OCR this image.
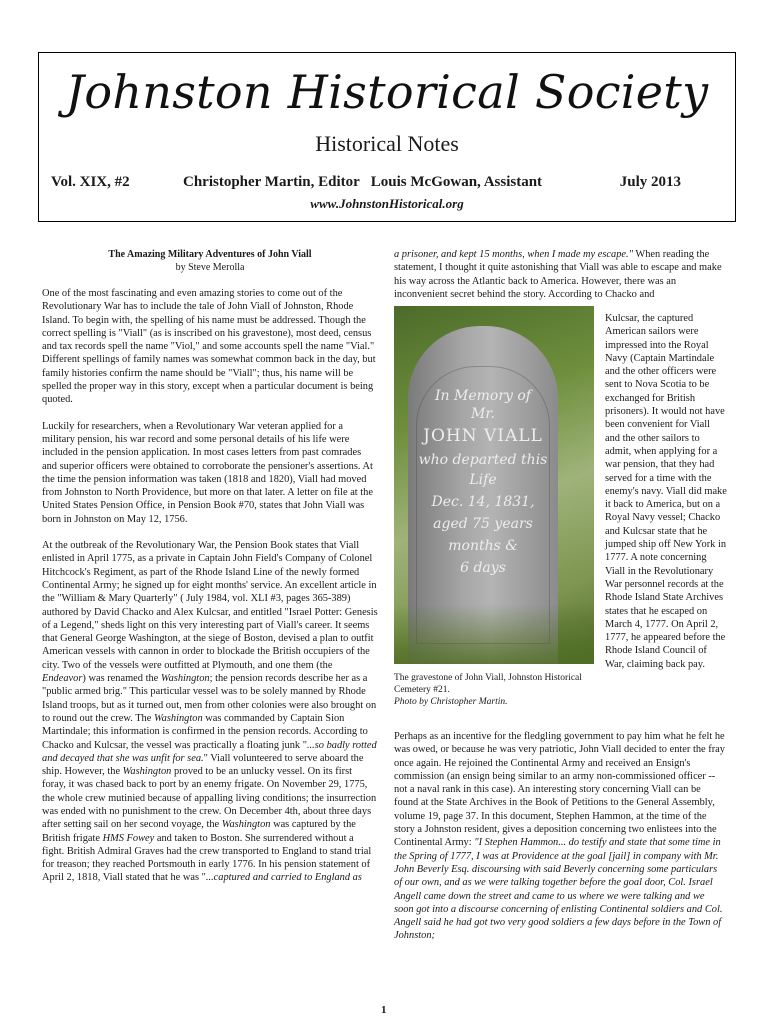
Johnston Historical Society
Historical Notes
Vol. XIX, #2	Christopher Martin, Editor   Louis McGowan, Assistant	July 2013
www.JohnstonHistorical.org
The Amazing Military Adventures of John Viall
by Steve Merolla

One of the most fascinating and even amazing stories to come out of the Revolutionary War has to include the tale of John Viall of Johnston, Rhode Island. To begin with, the spelling of his name must be addressed. Though the correct spelling is "Viall" (as is inscribed on his gravestone), most deed, census and tax records spell the name "Viol," and some accounts spell the name "Vial." Different spellings of family names was somewhat common back in the day, but family histories confirm the name should be "Viall"; thus, his name will be spelled the proper way in this story, except when a particular document is being quoted.

Luckily for researchers, when a Revolutionary War veteran applied for a military pension, his war record and some personal details of his life were included in the pension application. In most cases letters from past comrades and superior officers were obtained to corroborate the pensioner's assertions. At the time the pension information was taken (1818 and 1820), Viall had moved from Johnston to North Providence, but more on that later. A letter on file at the United States Pension Office, in Pension Book #70, states that John Viall was born in Johnston on May 12, 1756.

At the outbreak of the Revolutionary War, the Pension Book states that Viall enlisted in April 1775, as a private in Captain John Field's Company of Colonel Hitchcock's Regiment, as part of the Rhode Island Line of the newly formed Continental Army; he signed up for eight months' service. An excellent article in the "William & Mary Quarterly" ( July 1984, vol. XLI #3, pages 365-389) authored by David Chacko and Alex Kulcsar, and entitled "Israel Potter: Genesis of a Legend," sheds light on this very interesting part of Viall's career. It seems that General George Washington, at the siege of Boston, devised a plan to outfit American vessels with cannon in order to blockade the British occupiers of the city. Two of the vessels were outfitted at Plymouth, and one them (the Endeavor) was renamed the Washington; the pension records describe her as a "public armed brig." This particular vessel was to be solely manned by Rhode Island troops, but as it turned out, men from other colonies were also brought on to round out the crew. The Washington was commanded by Captain Sion Martindale; this information is confirmed in the pension records. According to Chacko and Kulcsar, the vessel was practically a floating junk "...so badly rotted and decayed that she was unfit for sea." Viall volunteered to serve aboard the ship. However, the Washington proved to be an unlucky vessel. On its first foray, it was chased back to port by an enemy frigate. On November 29, 1775, the whole crew mutinied because of appalling living conditions; the insurrection was ended with no punishment to the crew. On December 4th, about three days after setting sail on her second voyage, the Washington was captured by the British frigate HMS Fowey and taken to Boston. She surrendered without a fight. British Admiral Graves had the crew transported to England to stand trial for treason; they reached Portsmouth in early 1776. In his pension statement of April 2, 1818, Viall stated that he was "...captured and carried to England as

a prisoner, and kept 15 months, when I made my escape." When reading the statement, I thought it quite astonishing that Viall was able to escape and make his way across the Atlantic back to America. However, there was an inconvenient secret behind the story. According to Chacko and

In Memory of
Mr.
JOHN VIALL
who departed this
Life
Dec. 14, 1831,
aged 75 years
months &
6 days
The gravestone of John Viall, Johnston Historical Cemetery #21.
Photo by Christopher Martin.

Kulcsar, the captured American sailors were impressed into the Royal Navy (Captain Martindale and the other officers were sent to Nova Scotia to be exchanged for British prisoners). It would not have been convenient for Viall and the other sailors to admit, when applying for a war pension, that they had served for a time with the enemy's navy. Viall did make it back to America, but on a Royal Navy vessel; Chacko and Kulcsar state that he jumped ship off New York in 1777. A note concerning Viall in the Revolutionary War personnel records at the Rhode Island State Archives states that he escaped on March 4, 1777. On April 2, 1777, he appeared before the Rhode Island Council of War, claiming back pay.

Perhaps as an incentive for the fledgling government to pay him what he felt he was owed, or because he was very patriotic, John Viall decided to enter the fray once again. He rejoined the Continental Army and received an Ensign's commission (an ensign being similar to an army non-commissioned officer -- not a naval rank in this case). An interesting story concerning Viall can be found at the State Archives in the Book of Petitions to the General Assembly, volume 19, page 37. In this document, Stephen Hammon, at the time of the story a Johnston resident, gives a deposition concerning two enlistees into the Continental Army: "I Stephen Hammon... do testify and state that some time in the Spring of 1777, I was at Providence at the goal [jail] in company with Mr. John Beverly Esq. discoursing with said Beverly concerning some particulars of our own, and as we were talking together before the goal door, Col. Israel Angell came down the street and came to us where we were talking and we soon got into a discourse concerning of enlisting Continental soldiers and Col. Angell said he had got two very good soldiers a few days before in the Town of Johnston;

1
